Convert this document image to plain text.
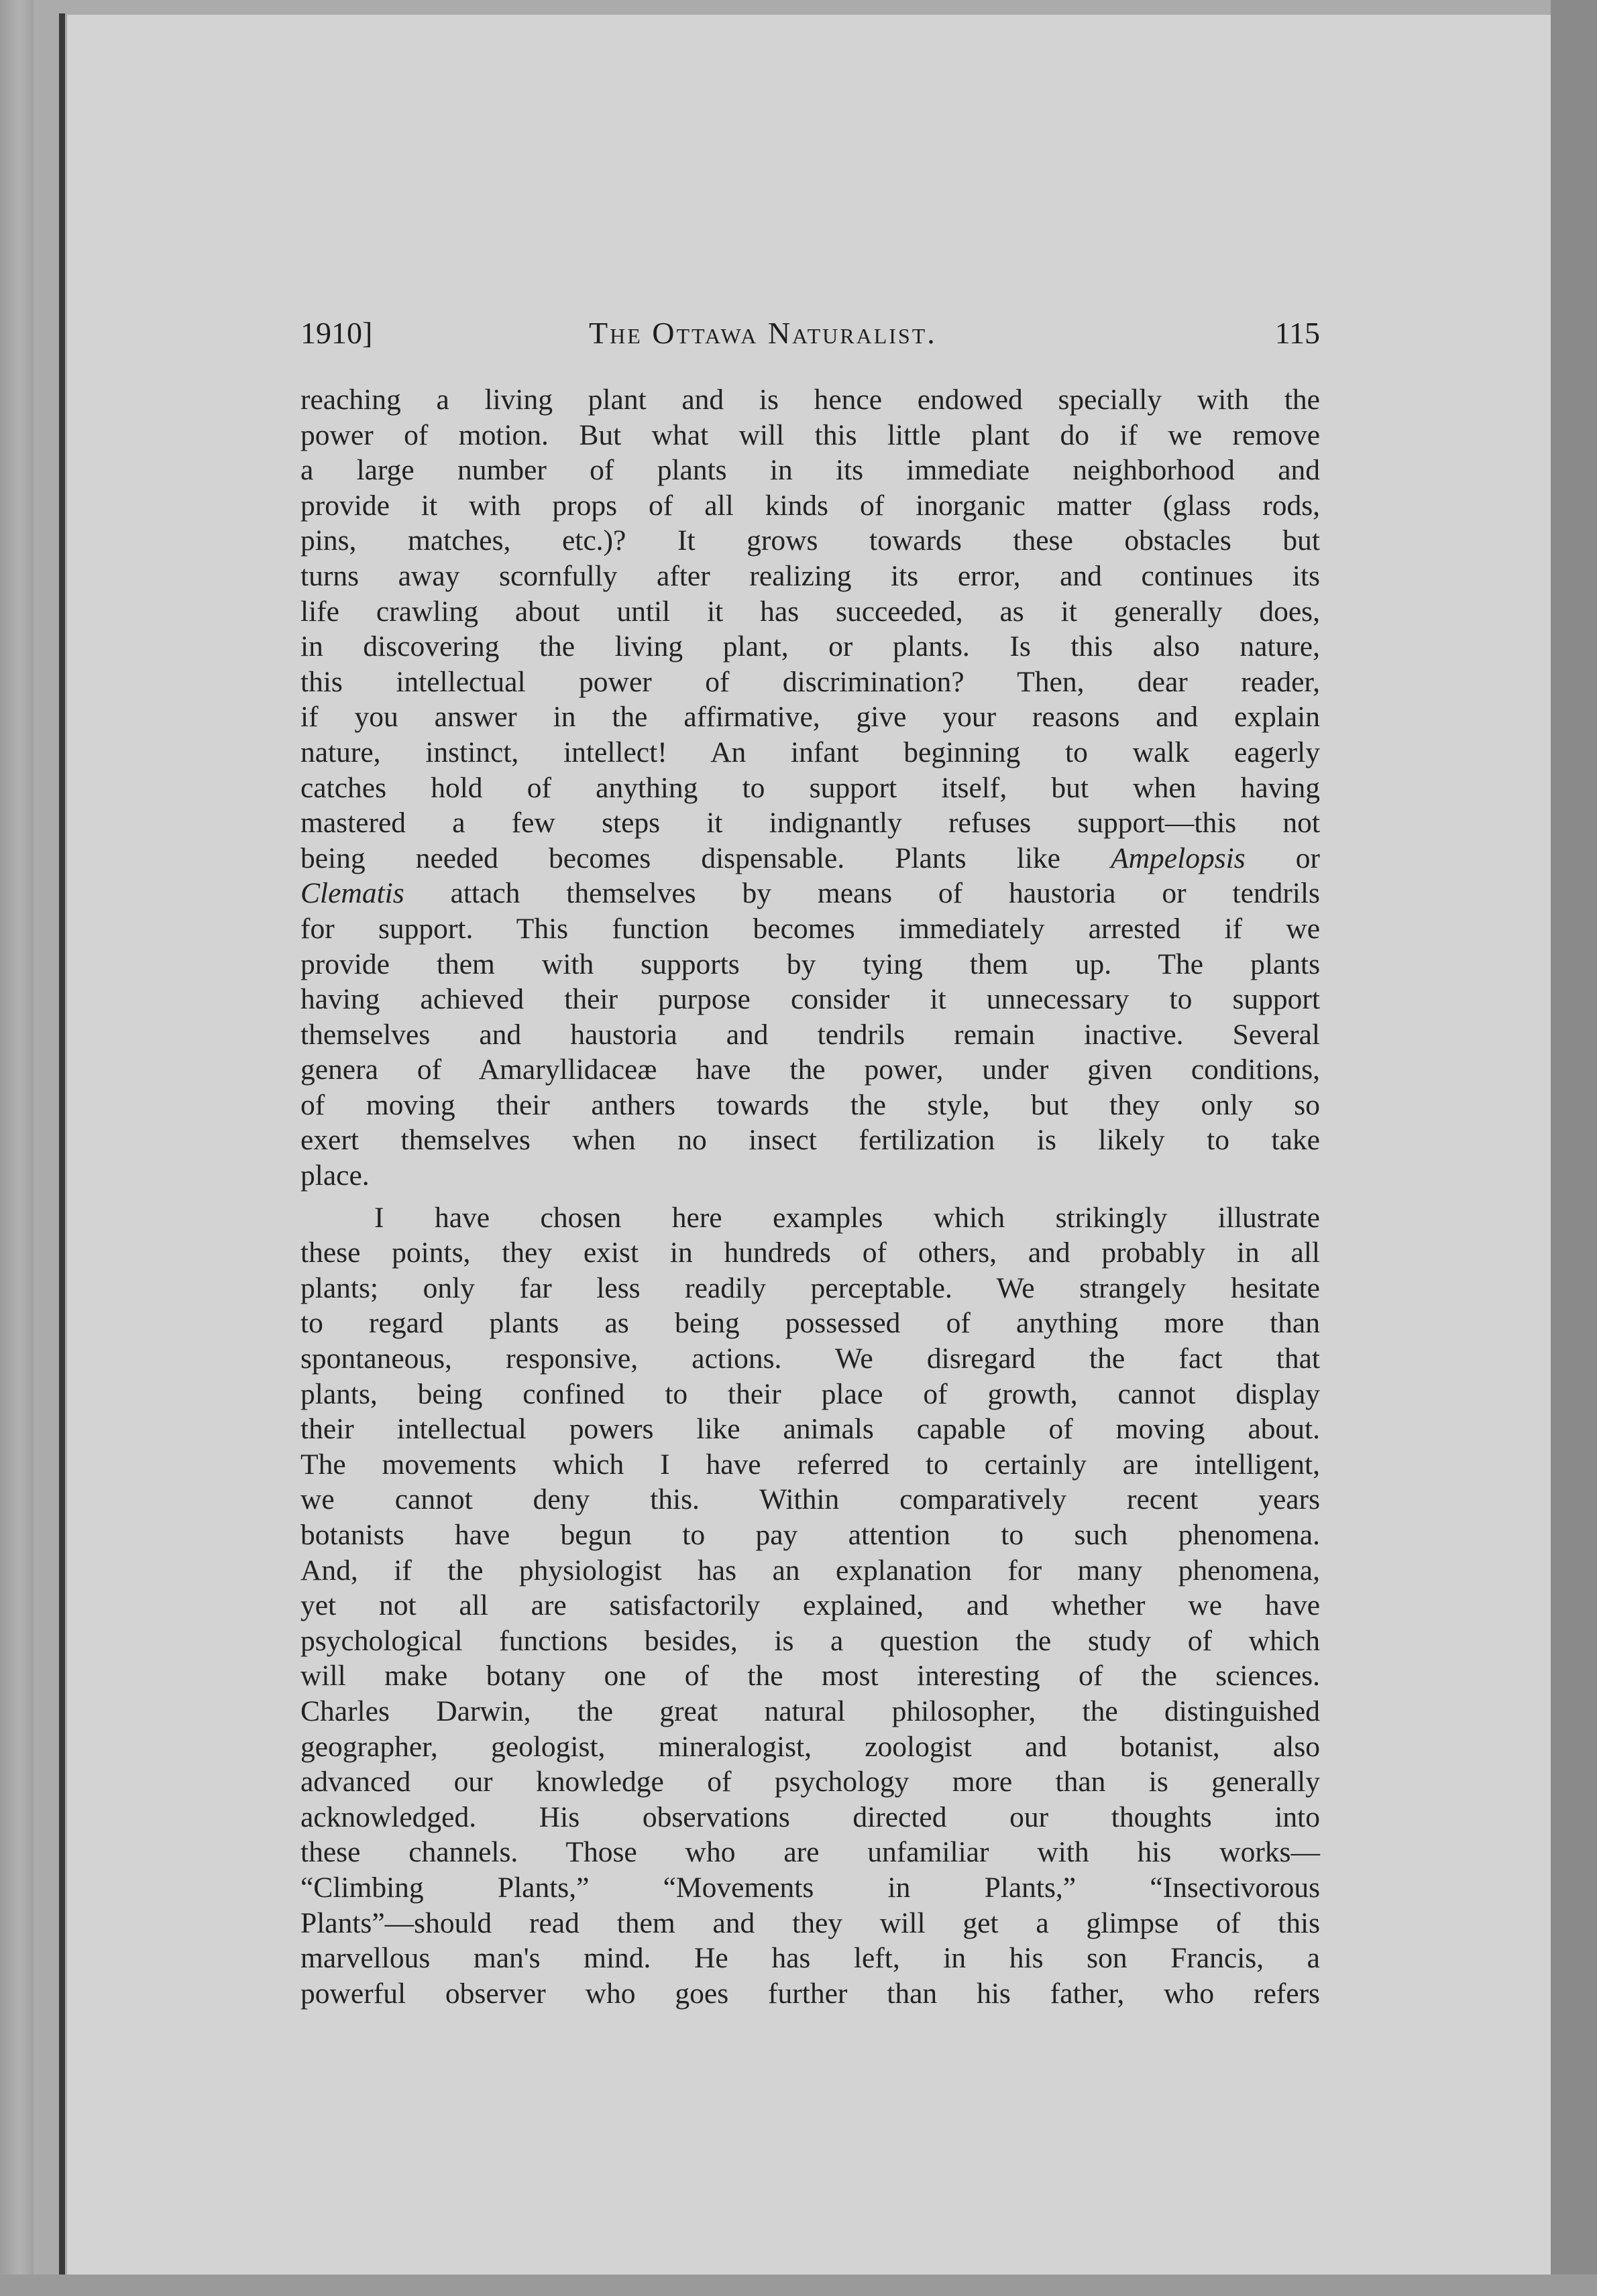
1910]	The Ottawa Naturalist.	115
reaching a living plant and is hence endowed specially with the
power of motion. But what will this little plant do if we remove
a large number of plants in its immediate neighborhood and
provide it with props of all kinds of inorganic matter (glass rods,
pins, matches, etc.)? It grows towards these obstacles but
turns away scornfully after realizing its error, and continues its
life crawling about until it has succeeded, as it generally does,
in discovering the living plant, or plants. Is this also nature,
this intellectual power of discrimination? Then, dear reader,
if you answer in the affirmative, give your reasons and explain
nature, instinct, intellect! An infant beginning to walk eagerly
catches hold of anything to support itself, but when having
mastered a few steps it indignantly refuses support—this not
being needed becomes dispensable. Plants like Ampelopsis or
Clematis attach themselves by means of haustoria or tendrils
for support. This function becomes immediately arrested if we
provide them with supports by tying them up. The plants
having achieved their purpose consider it unnecessary to support
themselves and haustoria and tendrils remain inactive. Several
genera of Amaryllidaceæ have the power, under given conditions,
of moving their anthers towards the style, but they only so
exert themselves when no insect fertilization is likely to take
place.
I have chosen here examples which strikingly illustrate
these points, they exist in hundreds of others, and probably in all
plants; only far less readily perceptable. We strangely hesitate
to regard plants as being possessed of anything more than
spontaneous, responsive, actions. We disregard the fact that
plants, being confined to their place of growth, cannot display
their intellectual powers like animals capable of moving about.
The movements which I have referred to certainly are intelligent,
we cannot deny this. Within comparatively recent years
botanists have begun to pay attention to such phenomena.
And, if the physiologist has an explanation for many phenomena,
yet not all are satisfactorily explained, and whether we have
psychological functions besides, is a question the study of which
will make botany one of the most interesting of the sciences.
Charles Darwin, the great natural philosopher, the distinguished
geographer, geologist, mineralogist, zoologist and botanist, also
advanced our knowledge of psychology more than is generally
acknowledged. His observations directed our thoughts into
these channels. Those who are unfamiliar with his works—
“Climbing Plants,” “Movements in Plants,” “Insectivorous
Plants”—should read them and they will get a glimpse of this
marvellous man's mind. He has left, in his son Francis, a
powerful observer who goes further than his father, who refers
